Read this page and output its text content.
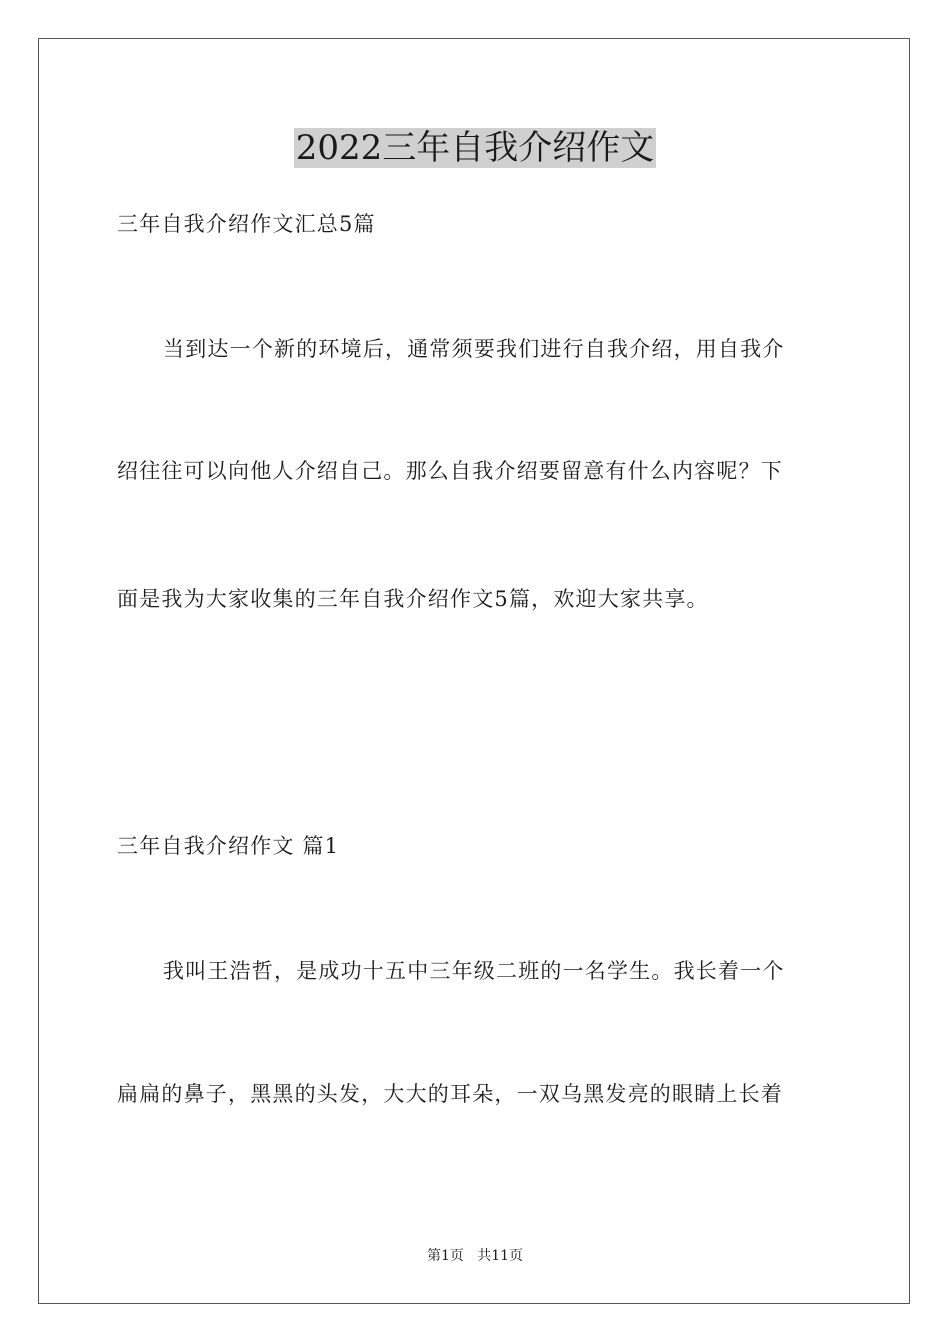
2022三年自我介绍作文
三年自我介绍作文汇总5篇
当到达一个新的环境后，通常须要我们进行自我介绍，用自我介
绍往往可以向他人介绍自己。那么自我介绍要留意有什么内容呢？下
面是我为大家收集的三年自我介绍作文5篇，欢迎大家共享。
三年自我介绍作文 篇1
我叫王浩哲，是成功十五中三年级二班的一名学生。我长着一个
扁扁的鼻子，黑黑的头发，大大的耳朵，一双乌黑发亮的眼睛上长着
第1页   共11页
